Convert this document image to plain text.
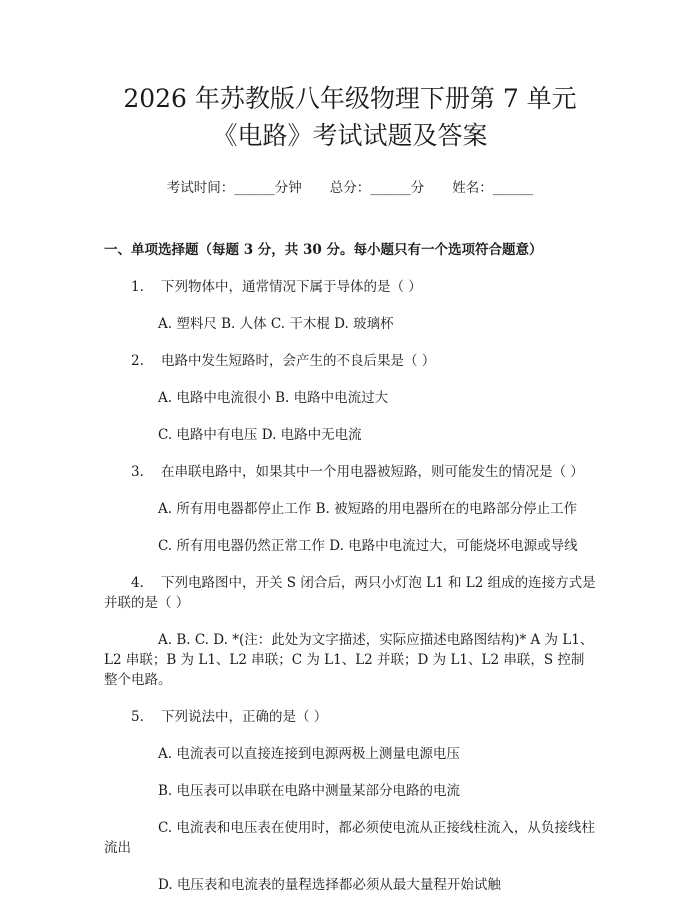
2026 年苏教版八年级物理下册第 7 单元《电路》考试试题及答案
考试时间：______分钟 总分：______分 姓名：______
一、单项选择题（每题 3 分，共 30 分。每小题只有一个选项符合题意）
1. 下列物体中，通常情况下属于导体的是（ ）
A. 塑料尺 B. 人体 C. 干木棍 D. 玻璃杯
2. 电路中发生短路时，会产生的不良后果是（ ）
A. 电路中电流很小 B. 电路中电流过大
C. 电路中有电压 D. 电路中无电流
3. 在串联电路中，如果其中一个用电器被短路，则可能发生的情况是（ ）
A. 所有用电器都停止工作 B. 被短路的用电器所在的电路部分停止工作
C. 所有用电器仍然正常工作 D. 电路中电流过大，可能烧坏电源或导线
4. 下列电路图中，开关 S 闭合后，两只小灯泡 L1 和 L2 组成的连接方式是并联的是（ ）
A. B. C. D. *(注：此处为文字描述，实际应描述电路图结构)* A 为 L1、L2 串联；B 为 L1、L2 串联；C 为 L1、L2 并联；D 为 L1、L2 串联，S 控制整个电路。
5. 下列说法中，正确的是（ ）
A. 电流表可以直接连接到电源两极上测量电源电压
B. 电压表可以串联在电路中测量某部分电路的电流
C. 电流表和电压表在使用时，都必须使电流从正接线柱流入，从负接线柱流出
D. 电压表和电流表的量程选择都必须从最大量程开始试触
